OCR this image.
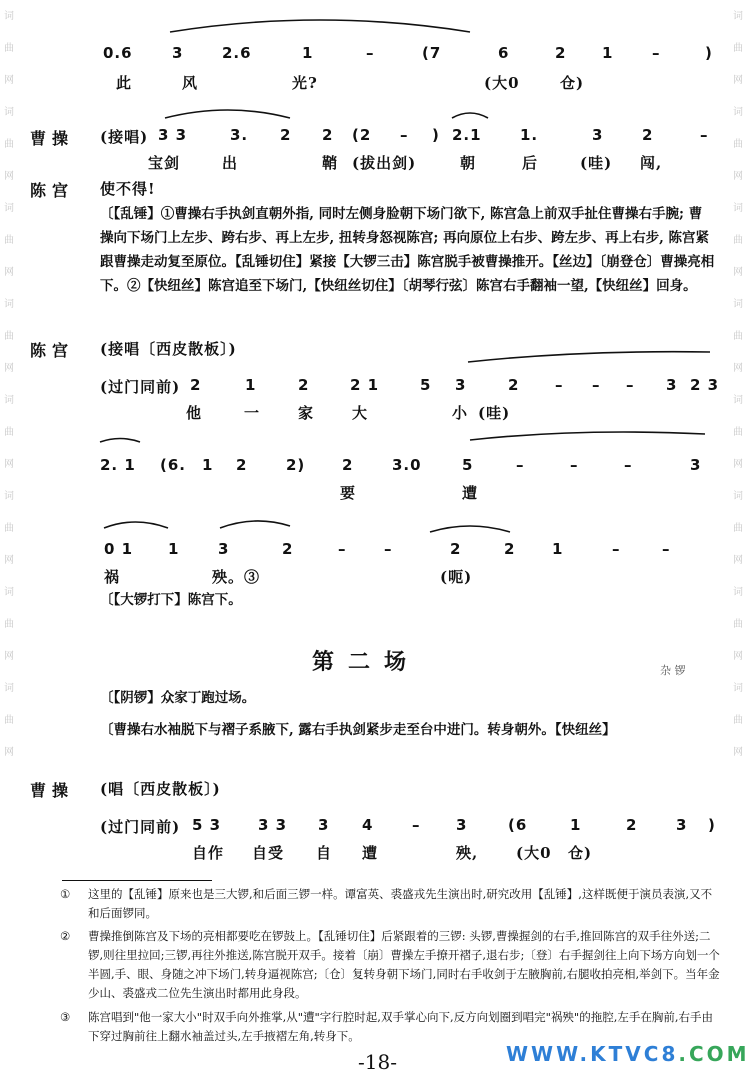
词
曲
网
词
曲
网
词
曲
网
词
曲
网
词
曲
网
词
曲
网
词
曲
网
词
曲
网
词
曲
网
词
曲
网
词
曲
网
词
曲
网
词
曲
网
词
曲
网
词
曲
网
词
曲
网
0.6	3	2.6	1	–	(7	6	2 1	–	)
此	风	光?	(大0	仓)
曹操 (接唱) 3 3	3. 2 2 (2 – ) 2.1	1.	3	2	–
宝剑	出	鞘 (拔出剑)	朝	后	(哇) 闯,
陈宫 使不得!
〔【乱锤】①曹操右手执剑直朝外指, 同时左侧身脸朝下场门欲下, 陈宫急上前双手扯住曹操右手腕; 曹操向下场门上左步、跨右步、再上左步, 扭转身怒视陈宫; 再向原位上右步、跨左步、再上右步, 陈宫紧跟曹操走动复至原位。【乱锤切住】紧接【大锣三击】陈宫脱手被曹操推开。【丝边】〔崩登仓〕曹操亮相下。②【快纽丝】陈宫追至下场门,【快纽丝切住】〔胡琴行弦〕陈宫右手翻袖一望,【快纽丝】回身。
陈宫 (接唱〔西皮散板〕)
(过门同前) 2	1	2	2 1	5 3	2 – – – 3 2 3
他	一	家	大	小 (哇)
2. 1 (6. 1 2	2) 2	3.0	5	–	–	–	3
要	遭
0 1 1	3	2	–	–	2	2 1	–	–
祸	殃。③	(呃)
〔【大锣打下】陈宫下。
第二场	杂 锣
〔【阴锣】众家丁跑过场。
〔曹操右水袖脱下与褶子系腋下, 露右手执剑紧步走至台中进门。转身朝外。【快纽丝】
曹操 (唱〔西皮散板〕)
(过门同前) 5 3 3 3 3 4	– 3	(6	1	2	3 )
自作 自受 自 遭	殃,	(大0 仓)
① 这里的【乱锤】原来也是三大锣,和后面三锣一样。谭富英、裘盛戎先生演出时,研究改用【乱锤】,这样既便于演员表演,又不和后面锣同。
② 曹操推倒陈宫及下场的亮相都要吃在锣鼓上。【乱锤切住】后紧跟着的三锣: 头锣,曹操握剑的右手,推回陈宫的双手往外送;二锣,则往里拉回;三锣,再往外推送,陈宫脱开双手。接着〔崩〕曹操左手撩开褶子,退右步;〔登〕右手握剑往上向下场方向划一个半圆,手、眼、身随之冲下场门,转身逼视陈宫;〔仓〕复转身朝下场门,同时右手收剑于左腋胸前,右腿收拍亮相,举剑下。当年金少山、裘盛戎二位先生演出时都用此身段。
③ 陈宫唱到"他一家大小"时双手向外推掌,从"遭"字行腔时起,双手掌心向下,反方向划圈到唱完"祸殃"的拖腔,左手在胸前,右手由下穿过胸前往上翻水袖盖过头,左手掖褶左角,转身下。
-18-	WWW.KTVC8.COM
